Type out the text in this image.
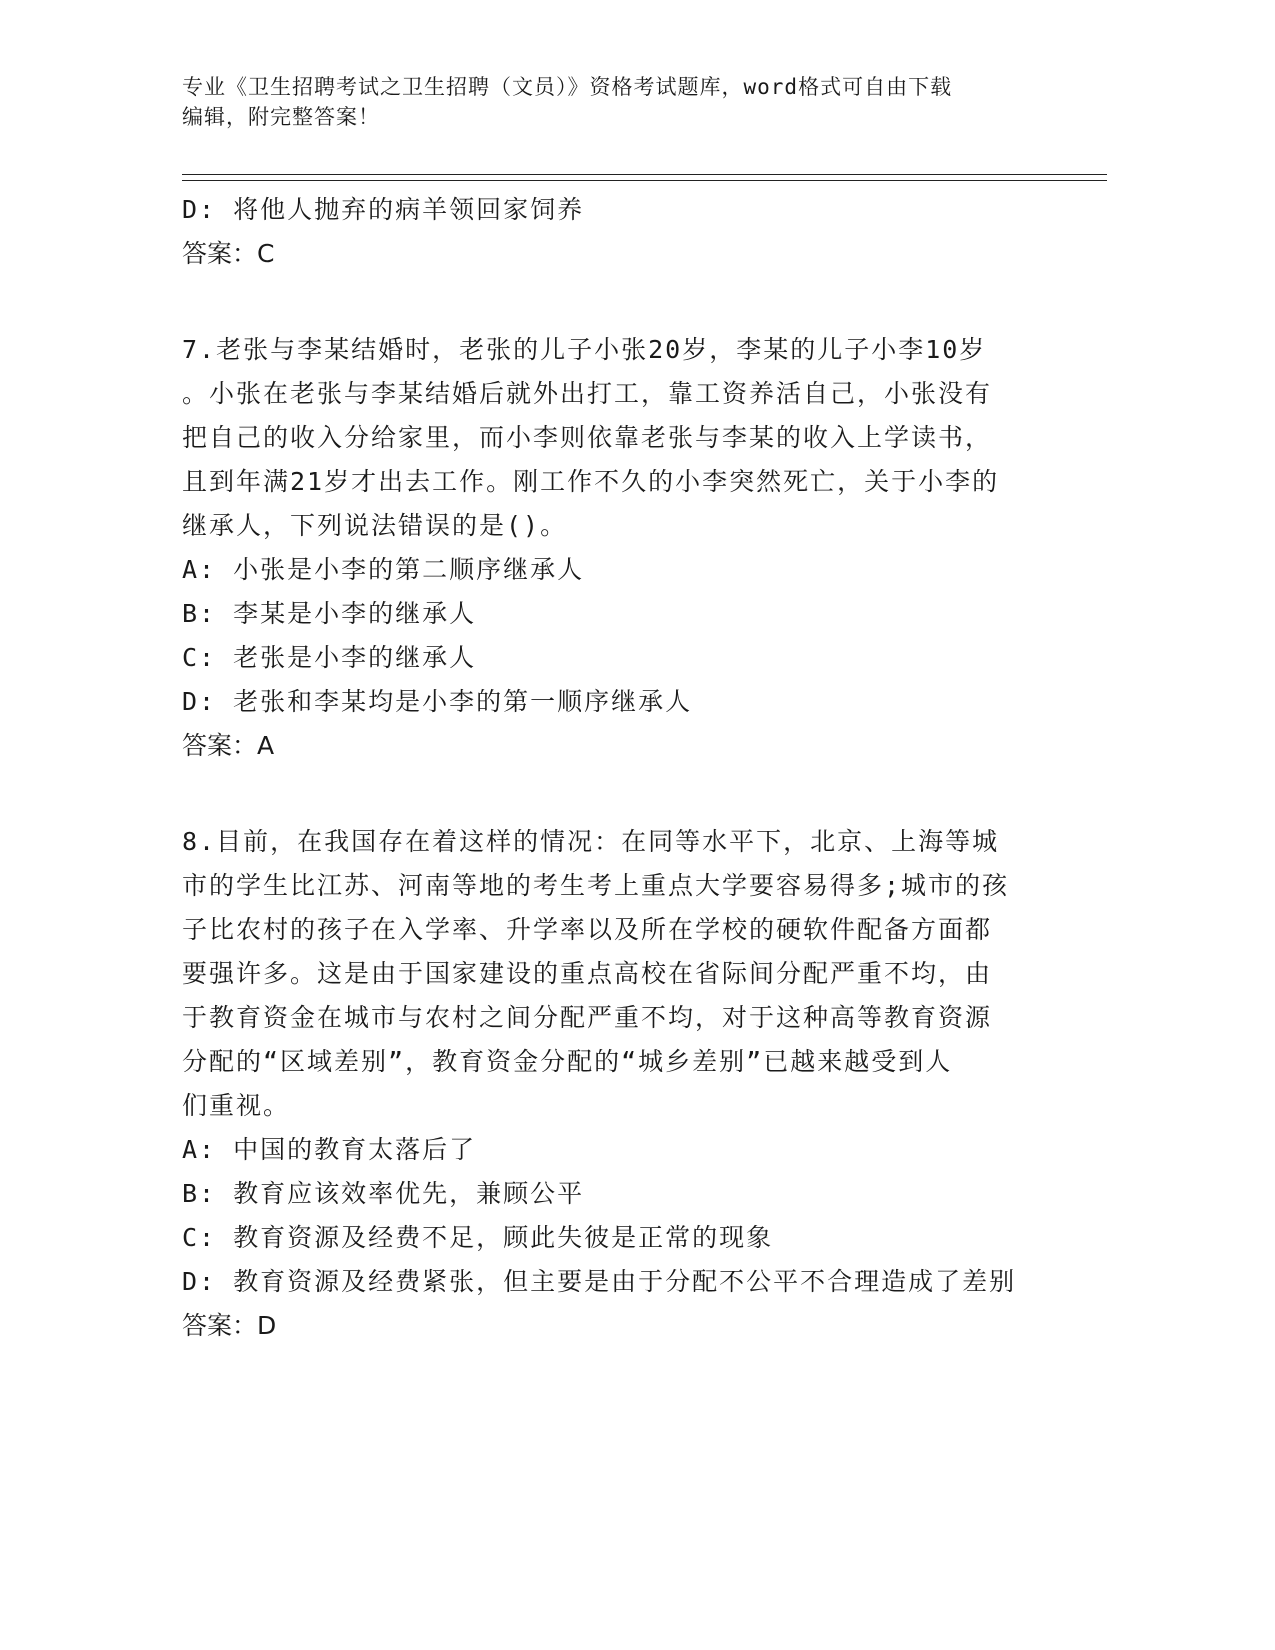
专业《卫生招聘考试之卫生招聘（文员）》资格考试题库，word格式可自由下载
编辑，附完整答案！

D: 将他人抛弃的病羊领回家饲养

答案：C

7.老张与李某结婚时，老张的儿子小张20岁，李某的儿子小李10岁

。小张在老张与李某结婚后就外出打工，靠工资养活自己，小张没有

把自己的收入分给家里，而小李则依靠老张与李某的收入上学读书，

且到年满21岁才出去工作。刚工作不久的小李突然死亡，关于小李的

继承人，下列说法错误的是()。

A: 小张是小李的第二顺序继承人

B: 李某是小李的继承人

C: 老张是小李的继承人

D: 老张和李某均是小李的第一顺序继承人

答案：A

8.目前，在我国存在着这样的情况：在同等水平下，北京、上海等城

市的学生比江苏、河南等地的考生考上重点大学要容易得多;城市的孩

子比农村的孩子在入学率、升学率以及所在学校的硬软件配备方面都

要强许多。这是由于国家建设的重点高校在省际间分配严重不均，由

于教育资金在城市与农村之间分配严重不均，对于这种高等教育资源

分配的“区域差别”，教育资金分配的“城乡差别”已越来越受到人

们重视。

A: 中国的教育太落后了

B: 教育应该效率优先，兼顾公平

C: 教育资源及经费不足，顾此失彼是正常的现象

D: 教育资源及经费紧张，但主要是由于分配不公平不合理造成了差别

答案：D
